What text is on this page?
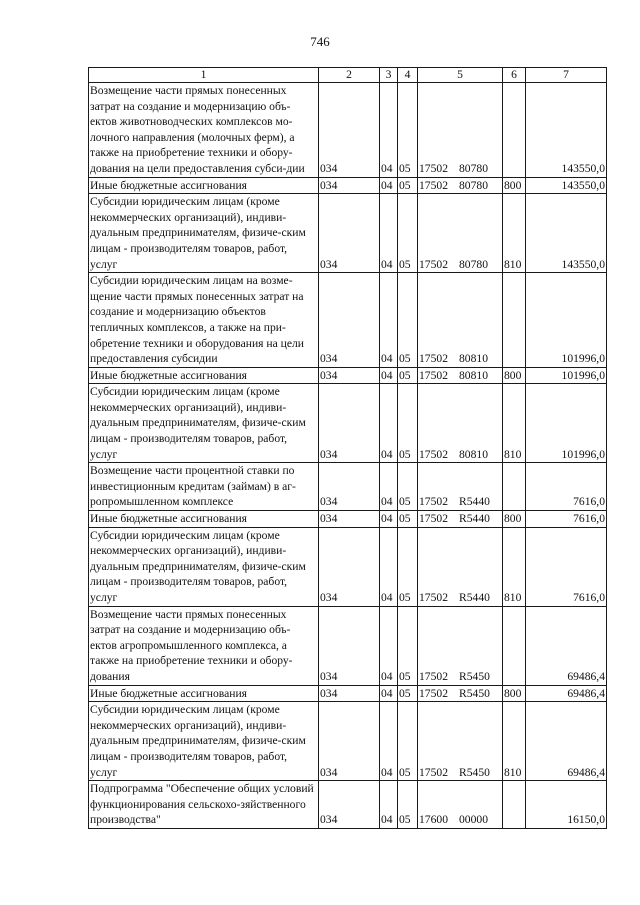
746
1	2	3	4	5	6	7
Возмещение части прямых понесенных затрат на создание и модернизацию объ-ектов животноводческих комплексов мо-лочного направления (молочных ферм), а также на приобретение техники и обору-дования на цели предоставления субси-дии	034	04	05	17502 80780		143550,0
Иные бюджетные ассигнования	034	04	05	17502 80780	800	143550,0
Субсидии юридическим лицам (кроме некоммерческих организаций), индиви-дуальным предпринимателям, физиче-ским лицам - производителям товаров, работ, услуг	034	04	05	17502 80780	810	143550,0
Субсидии юридическим лицам на возме-щение части прямых понесенных затрат на создание и модернизацию объектов тепличных комплексов, а также на при-обретение техники и оборудования на цели предоставления субсидии	034	04	05	17502 80810		101996,0
Иные бюджетные ассигнования	034	04	05	17502 80810	800	101996,0
Субсидии юридическим лицам (кроме некоммерческих организаций), индиви-дуальным предпринимателям, физиче-ским лицам - производителям товаров, работ, услуг	034	04	05	17502 80810	810	101996,0
Возмещение части процентной ставки по инвестиционным кредитам (займам) в аг-ропромышленном комплексе	034	04	05	17502 R5440		7616,0
Иные бюджетные ассигнования	034	04	05	17502 R5440	800	7616,0
Субсидии юридическим лицам (кроме некоммерческих организаций), индиви-дуальным предпринимателям, физиче-ским лицам - производителям товаров, работ, услуг	034	04	05	17502 R5440	810	7616,0
Возмещение части прямых понесенных затрат на создание и модернизацию объ-ектов агропромышленного комплекса, а также на приобретение техники и обору-дования	034	04	05	17502 R5450		69486,4
Иные бюджетные ассигнования	034	04	05	17502 R5450	800	69486,4
Субсидии юридическим лицам (кроме некоммерческих организаций), индиви-дуальным предпринимателям, физиче-ским лицам - производителям товаров, работ, услуг	034	04	05	17502 R5450	810	69486,4
Подпрограмма "Обеспечение общих условий функционирования сельскохо-зяйственного производства"	034	04	05	17600 00000		16150,0
